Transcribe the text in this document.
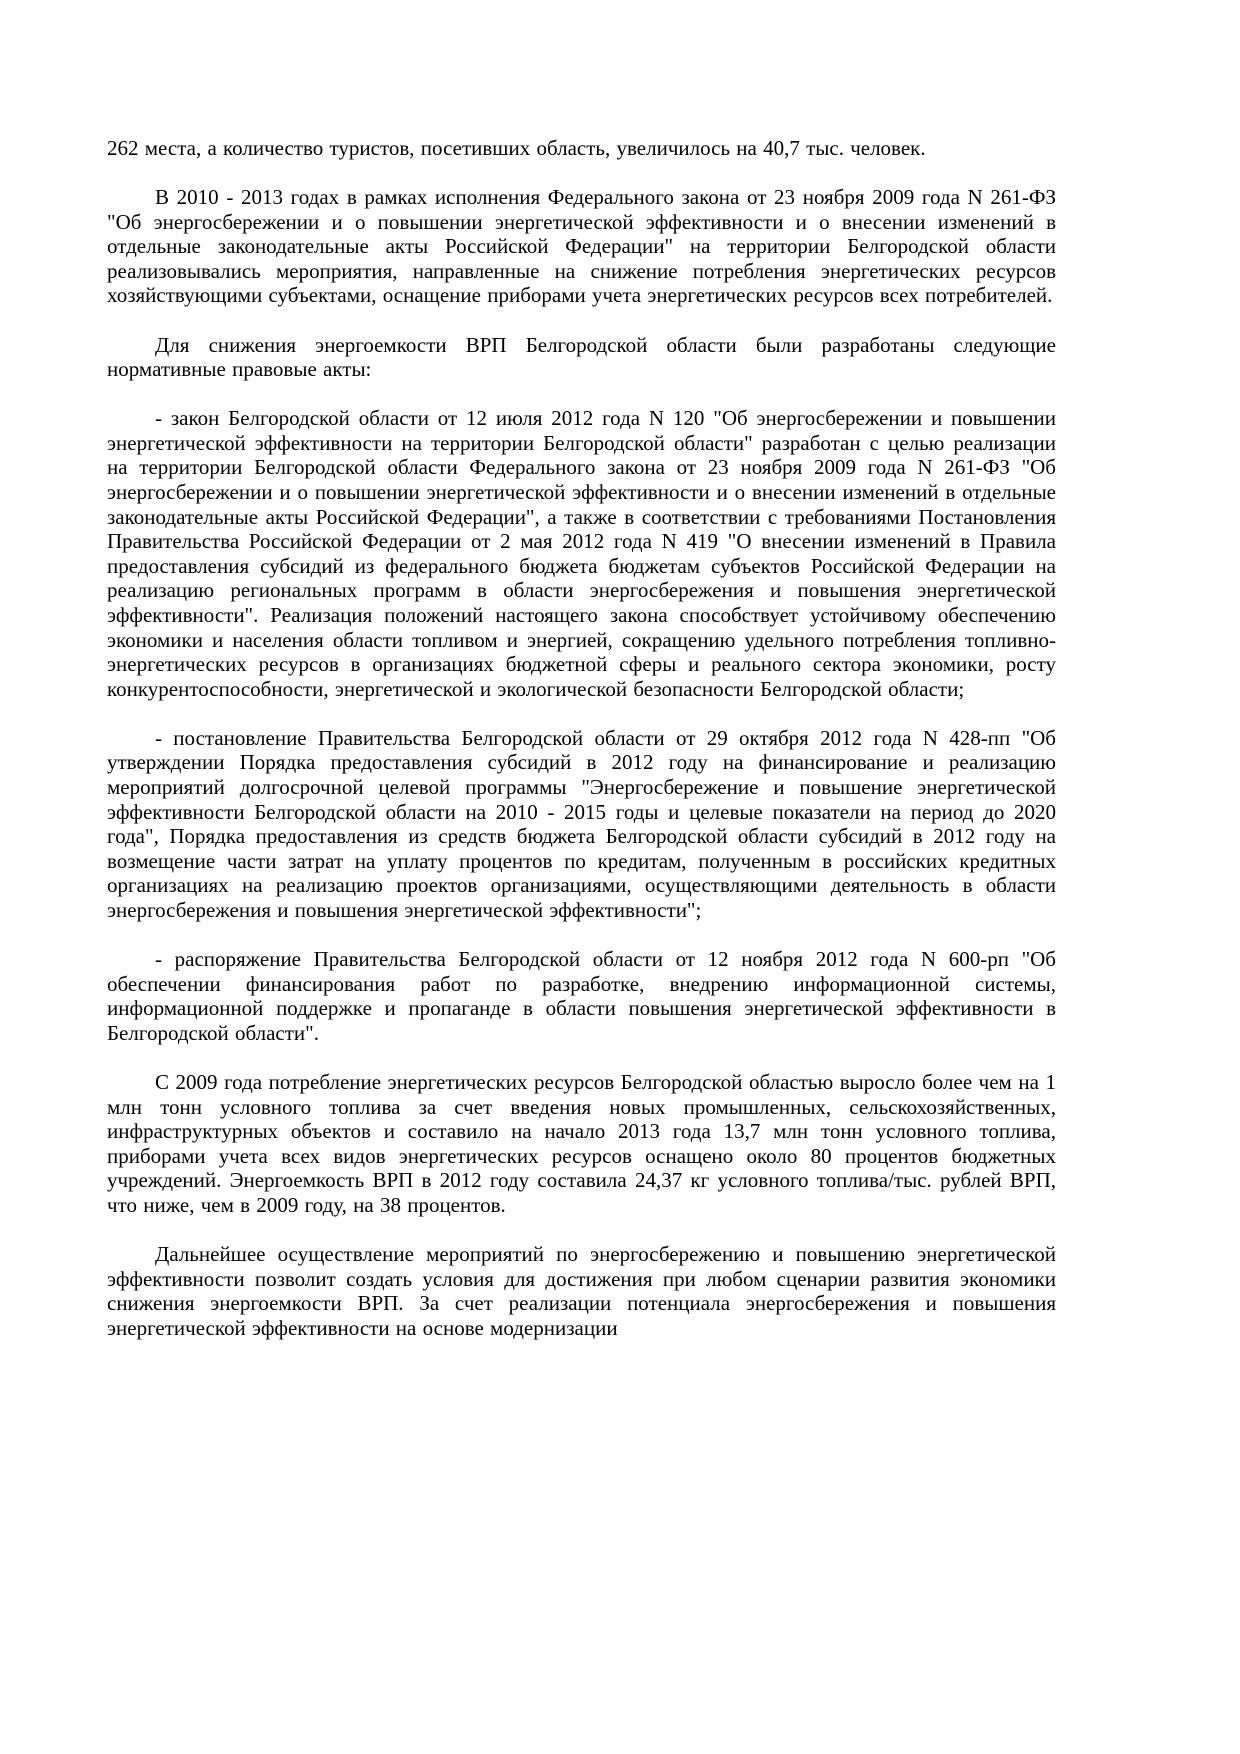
262 места, а количество туристов, посетивших область, увеличилось на 40,7 тыс. человек.

В 2010 - 2013 годах в рамках исполнения Федерального закона от 23 ноября 2009 года N 261-ФЗ "Об энергосбережении и о повышении энергетической эффективности и о внесении изменений в отдельные законодательные акты Российской Федерации" на территории Белгородской области реализовывались мероприятия, направленные на снижение потребления энергетических ресурсов хозяйствующими субъектами, оснащение приборами учета энергетических ресурсов всех потребителей.

Для снижения энергоемкости ВРП Белгородской области были разработаны следующие нормативные правовые акты:

- закон Белгородской области от 12 июля 2012 года N 120 "Об энергосбережении и повышении энергетической эффективности на территории Белгородской области" разработан с целью реализации на территории Белгородской области Федерального закона от 23 ноября 2009 года N 261-ФЗ "Об энергосбережении и о повышении энергетической эффективности и о внесении изменений в отдельные законодательные акты Российской Федерации", а также в соответствии с требованиями Постановления Правительства Российской Федерации от 2 мая 2012 года N 419 "О внесении изменений в Правила предоставления субсидий из федерального бюджета бюджетам субъектов Российской Федерации на реализацию региональных программ в области энергосбережения и повышения энергетической эффективности". Реализация положений настоящего закона способствует устойчивому обеспечению экономики и населения области топливом и энергией, сокращению удельного потребления топливно-энергетических ресурсов в организациях бюджетной сферы и реального сектора экономики, росту конкурентоспособности, энергетической и экологической безопасности Белгородской области;

- постановление Правительства Белгородской области от 29 октября 2012 года N 428-пп "Об утверждении Порядка предоставления субсидий в 2012 году на финансирование и реализацию мероприятий долгосрочной целевой программы "Энергосбережение и повышение энергетической эффективности Белгородской области на 2010 - 2015 годы и целевые показатели на период до 2020 года", Порядка предоставления из средств бюджета Белгородской области субсидий в 2012 году на возмещение части затрат на уплату процентов по кредитам, полученным в российских кредитных организациях на реализацию проектов организациями, осуществляющими деятельность в области энергосбережения и повышения энергетической эффективности";

- распоряжение Правительства Белгородской области от 12 ноября 2012 года N 600-рп "Об обеспечении финансирования работ по разработке, внедрению информационной системы, информационной поддержке и пропаганде в области повышения энергетической эффективности в Белгородской области".

С 2009 года потребление энергетических ресурсов Белгородской областью выросло более чем на 1 млн тонн условного топлива за счет введения новых промышленных, сельскохозяйственных, инфраструктурных объектов и составило на начало 2013 года 13,7 млн тонн условного топлива, приборами учета всех видов энергетических ресурсов оснащено около 80 процентов бюджетных учреждений. Энергоемкость ВРП в 2012 году составила 24,37 кг условного топлива/тыс. рублей ВРП, что ниже, чем в 2009 году, на 38 процентов.

Дальнейшее осуществление мероприятий по энергосбережению и повышению энергетической эффективности позволит создать условия для достижения при любом сценарии развития экономики снижения энергоемкости ВРП. За счет реализации потенциала энергосбережения и повышения энергетической эффективности на основе модернизации
